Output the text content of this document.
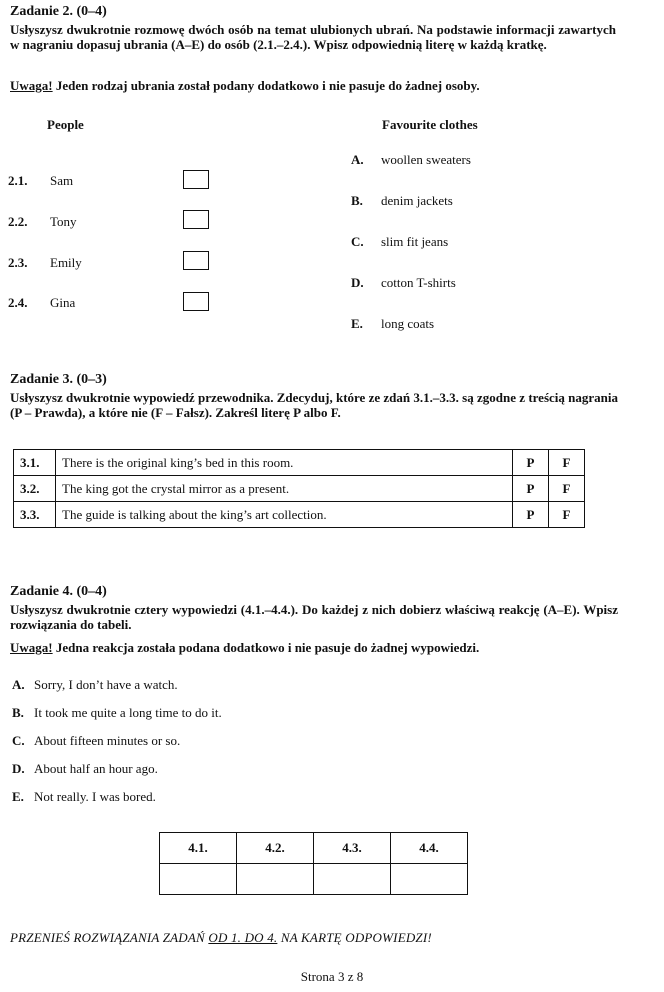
Zadanie 2. (0–4)
Usłyszysz dwukrotnie rozmowę dwóch osób na temat ulubionych ubrań. Na podstawie informacji zawartych w nagraniu dopasuj ubrania (A–E) do osób (2.1.–2.4.). Wpisz odpowiednią literę w każdą kratkę.
Uwaga! Jeden rodzaj ubrania został podany dodatkowo i nie pasuje do żadnej osoby.
People	Favourite clothes
2.1. Sam
2.2. Tony
2.3. Emily
2.4. Gina
A. woollen sweaters
B. denim jackets
C. slim fit jeans
D. cotton T-shirts
E. long coats
Zadanie 3. (0–3)
Usłyszysz dwukrotnie wypowiedź przewodnika. Zdecyduj, które ze zdań 3.1.–3.3. są zgodne z treścią nagrania (P – Prawda), a które nie (F – Fałsz). Zakreśl literę P albo F.
3.1.	There is the original king’s bed in this room.	P	F
3.2.	The king got the crystal mirror as a present.	P	F
3.3.	The guide is talking about the king’s art collection.	P	F
Zadanie 4. (0–4)
Usłyszysz dwukrotnie cztery wypowiedzi (4.1.–4.4.). Do każdej z nich dobierz właściwą reakcję (A–E). Wpisz rozwiązania do tabeli.
Uwaga! Jedna reakcja została podana dodatkowo i nie pasuje do żadnej wypowiedzi.
A. Sorry, I don’t have a watch.
B. It took me quite a long time to do it.
C. About fifteen minutes or so.
D. About half an hour ago.
E. Not really. I was bored.
4.1.	4.2.	4.3.	4.4.

PRZENIEŚ ROZWIĄZANIA ZADAŃ OD 1. DO 4. NA KARTĘ ODPOWIEDZI!
Strona 3 z 8
